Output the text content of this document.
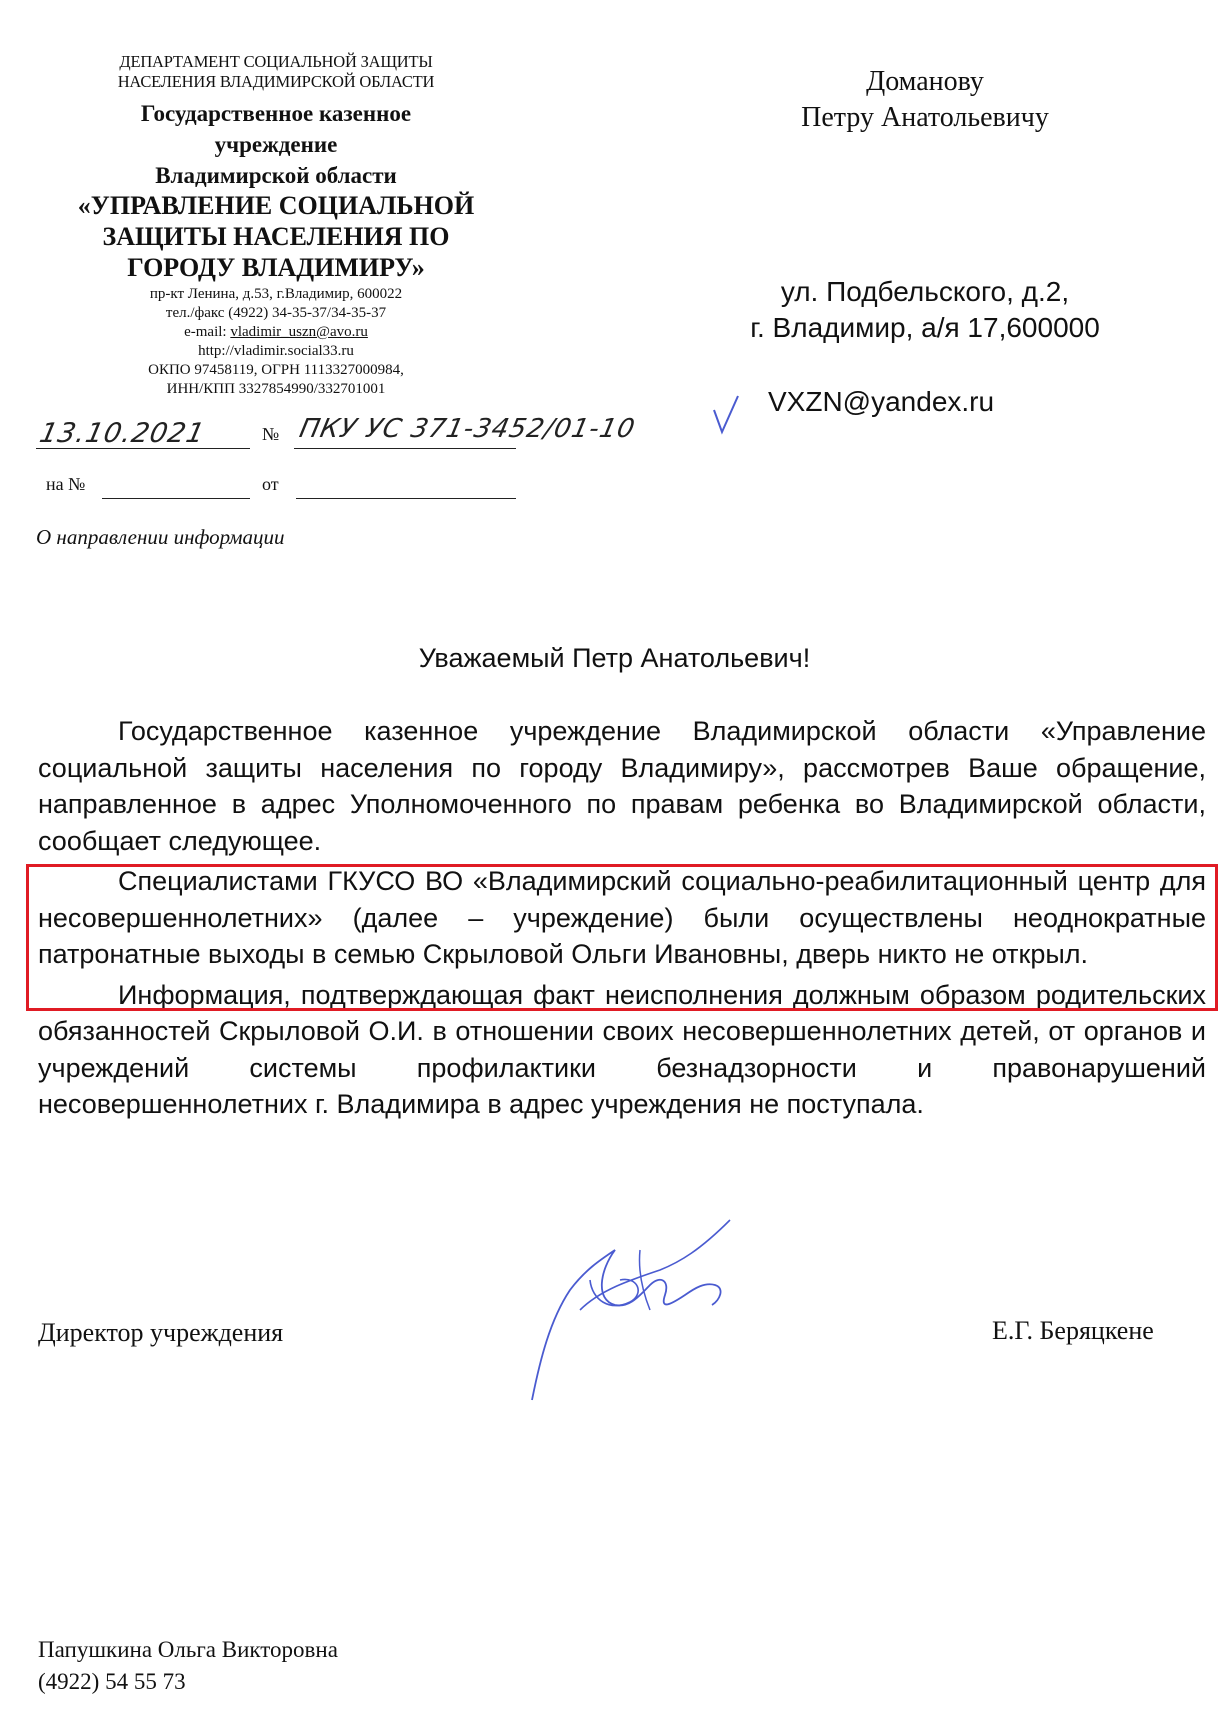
ДЕПАРТАМЕНТ СОЦИАЛЬНОЙ ЗАЩИТЫ
НАСЕЛЕНИЯ ВЛАДИМИРСКОЙ ОБЛАСТИ
Государственное казенное
учреждение
Владимирской области
«УПРАВЛЕНИЕ СОЦИАЛЬНОЙ
ЗАЩИТЫ НАСЕЛЕНИЯ ПО
ГОРОДУ ВЛАДИМИРУ»
пр-кт Ленина, д.53, г.Владимир, 600022
тел./факс (4922) 34-35-37/34-35-37
e-mail: vladimir_uszn@avo.ru
http://vladimir.social33.ru
ОКПО 97458119, ОГРН 1113327000984,
ИНН/КПП 3327854990/332701001
13.10.2021	№ ПКУ УС 371-3452/01-10
на №	от
О направлении информации
Доманову
Петру Анатольевичу
ул. Подбельского, д.2,
г. Владимир, а/я 17,600000
VXZN@yandex.ru
Уважаемый Петр Анатольевич!

Государственное казенное учреждение Владимирской области «Управление социальной защиты населения по городу Владимиру», рассмотрев Ваше обращение, направленное в адрес Уполномоченного по правам ребенка во Владимирской области, сообщает следующее.

Специалистами ГКУСО ВО «Владимирский социально-реабилитационный центр для несовершеннолетних» (далее – учреждение) были осуществлены неоднократные патронатные выходы в семью Скрыловой Ольги Ивановны, дверь никто не открыл.

Информация, подтверждающая факт неисполнения должным образом родительских обязанностей Скрыловой О.И. в отношении своих несовершеннолетних детей, от органов и учреждений системы профилактики безнадзорности и правонарушений несовершеннолетних г. Владимира в адрес учреждения не поступала.

Директор учреждения	Е.Г. Беряцкене
Папушкина Ольга Викторовна
(4922) 54 55 73
